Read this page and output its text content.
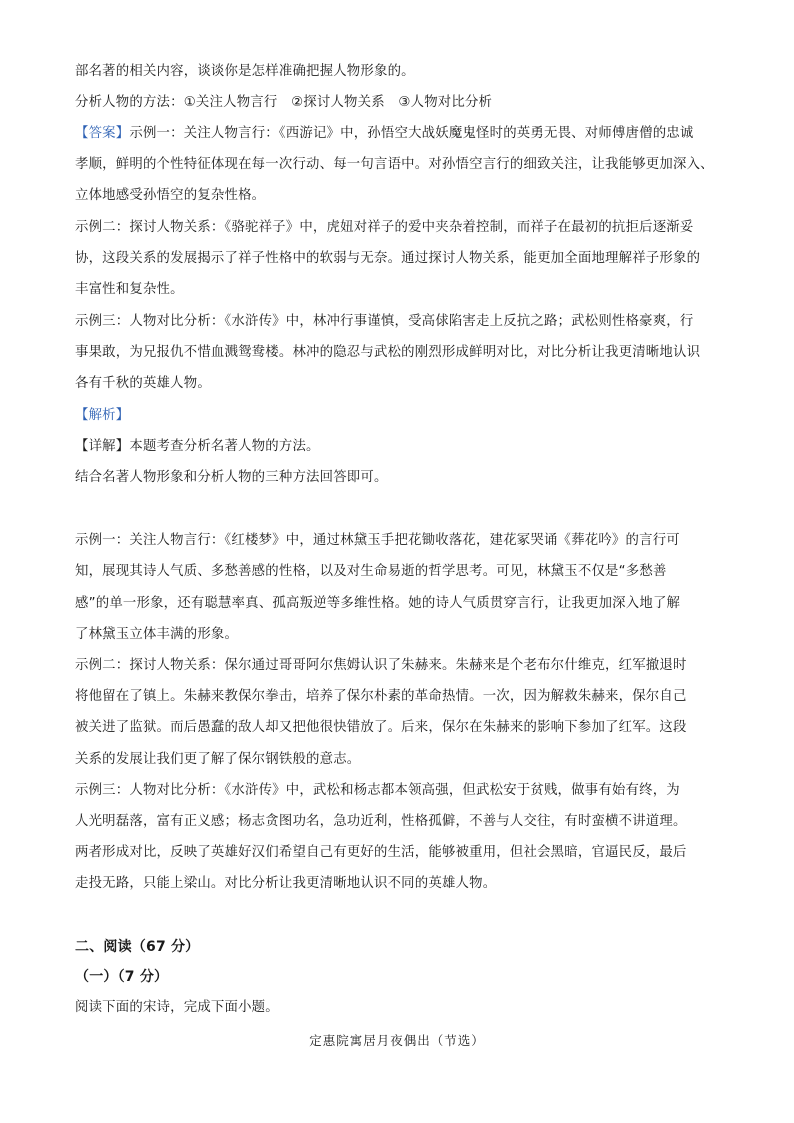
部名著的相关内容，谈谈你是怎样准确把握人物形象的。
分析人物的方法：①关注人物言行　②探讨人物关系　③人物对比分析
【答案】示例一：关注人物言行：《西游记》中，孙悟空大战妖魔鬼怪时的英勇无畏、对师傅唐僧的忠诚
孝顺，鲜明的个性特征体现在每一次行动、每一句言语中。对孙悟空言行的细致关注，让我能够更加深入、
立体地感受孙悟空的复杂性格。
示例二：探讨人物关系：《骆驼祥子》中，虎妞对祥子的爱中夹杂着控制，而祥子在最初的抗拒后逐渐妥
协，这段关系的发展揭示了祥子性格中的软弱与无奈。通过探讨人物关系，能更加全面地理解祥子形象的
丰富性和复杂性。
示例三：人物对比分析：《水浒传》中，林冲行事谨慎，受高俅陷害走上反抗之路；武松则性格豪爽，行
事果敢，为兄报仇不惜血溅鸳鸯楼。林冲的隐忍与武松的刚烈形成鲜明对比，对比分析让我更清晰地认识
各有千秋的英雄人物。
【解析】
【详解】本题考查分析名著人物的方法。
结合名著人物形象和分析人物的三种方法回答即可。
示例一：关注人物言行：《红楼梦》中，通过林黛玉手把花锄收落花，建花冢哭诵《葬花吟》的言行可
知，展现其诗人气质、多愁善感的性格，以及对生命易逝的哲学思考。可见，林黛玉不仅是“多愁善
感”的单一形象，还有聪慧率真、孤高叛逆等多维性格。她的诗人气质贯穿言行，让我更加深入地了解
了林黛玉立体丰满的形象。
示例二：探讨人物关系：保尔通过哥哥阿尔焦姆认识了朱赫来。朱赫来是个老布尔什维克，红军撤退时
将他留在了镇上。朱赫来教保尔拳击，培养了保尔朴素的革命热情。一次，因为解救朱赫来，保尔自己
被关进了监狱。而后愚蠢的敌人却又把他很快错放了。后来，保尔在朱赫来的影响下参加了红军。这段
关系的发展让我们更了解了保尔钢铁般的意志。
示例三：人物对比分析：《水浒传》中，武松和杨志都本领高强，但武松安于贫贱，做事有始有终，为
人光明磊落，富有正义感；杨志贪图功名，急功近利，性格孤僻，不善与人交往，有时蛮横不讲道理。
两者形成对比，反映了英雄好汉们希望自己有更好的生活，能够被重用，但社会黑暗，官逼民反，最后
走投无路，只能上梁山。对比分析让我更清晰地认识不同的英雄人物。
二、阅读（67 分）
（一）（7 分）
阅读下面的宋诗，完成下面小题。
定惠院寓居月夜偶出（节选）
